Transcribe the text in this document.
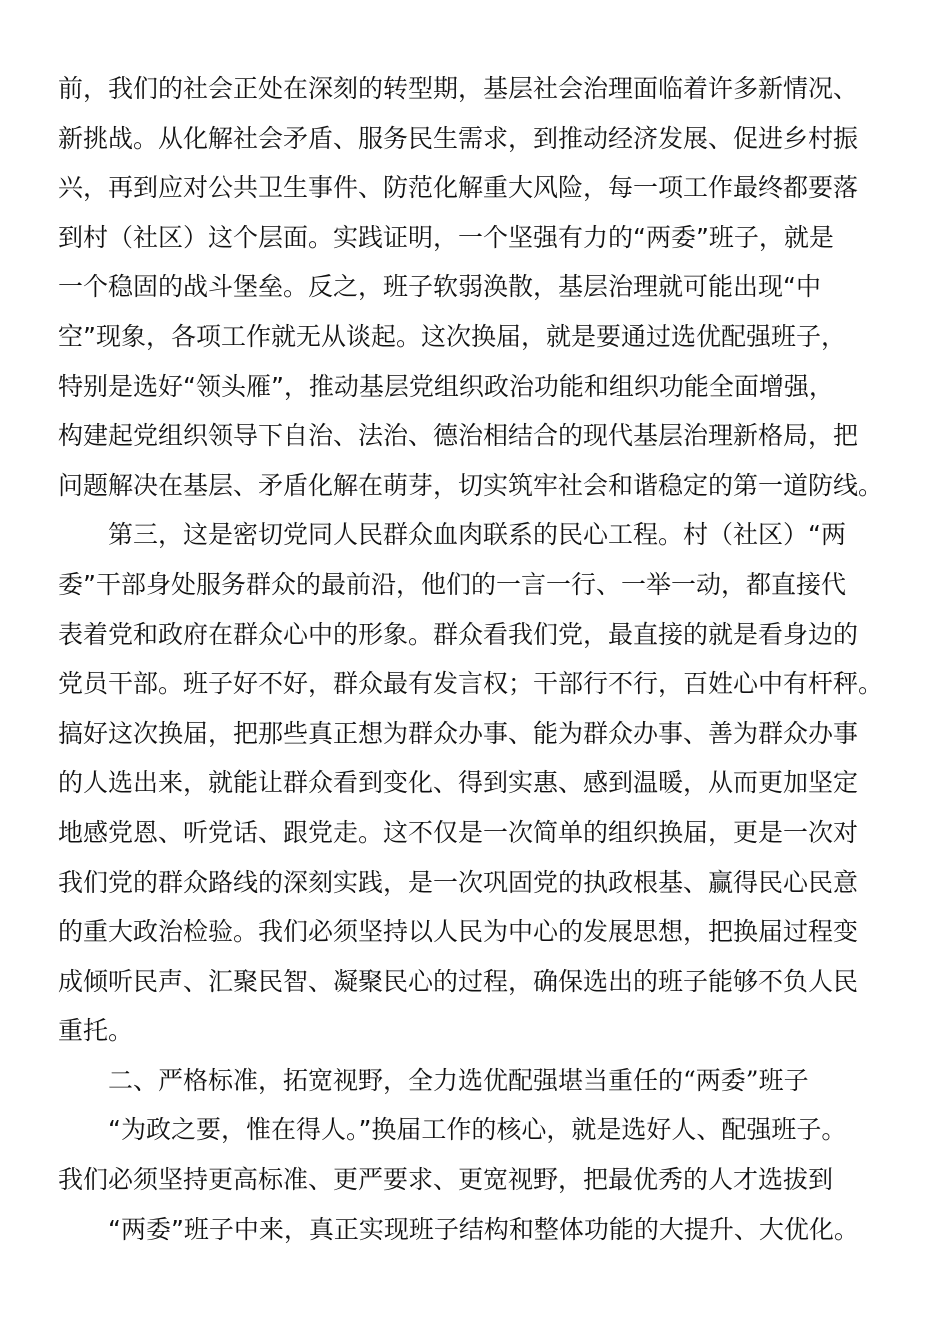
前，我们的社会正处在深刻的转型期，基层社会治理面临着许多新情况、
新挑战。从化解社会矛盾、服务民生需求，到推动经济发展、促进乡村振
兴，再到应对公共卫生事件、防范化解重大风险，每一项工作最终都要落
到村（社区）这个层面。实践证明，一个坚强有力的“两委”班子，就是
一个稳固的战斗堡垒。反之，班子软弱涣散，基层治理就可能出现“中
空”现象，各项工作就无从谈起。这次换届，就是要通过选优配强班子，
特别是选好“领头雁”，推动基层党组织政治功能和组织功能全面增强，
构建起党组织领导下自治、法治、德治相结合的现代基层治理新格局，把
问题解决在基层、矛盾化解在萌芽，切实筑牢社会和谐稳定的第一道防线。
第三，这是密切党同人民群众血肉联系的民心工程。村（社区）“两
委”干部身处服务群众的最前沿，他们的一言一行、一举一动，都直接代
表着党和政府在群众心中的形象。群众看我们党，最直接的就是看身边的
党员干部。班子好不好，群众最有发言权；干部行不行，百姓心中有杆秤。
搞好这次换届，把那些真正想为群众办事、能为群众办事、善为群众办事
的人选出来，就能让群众看到变化、得到实惠、感到温暖，从而更加坚定
地感党恩、听党话、跟党走。这不仅是一次简单的组织换届，更是一次对
我们党的群众路线的深刻实践，是一次巩固党的执政根基、赢得民心民意
的重大政治检验。我们必须坚持以人民为中心的发展思想，把换届过程变
成倾听民声、汇聚民智、凝聚民心的过程，确保选出的班子能够不负人民
重托。
二、严格标准，拓宽视野，全力选优配强堪当重任的“两委”班子
“为政之要，惟在得人。”换届工作的核心，就是选好人、配强班子。
我们必须坚持更高标准、更严要求、更宽视野，把最优秀的人才选拔到
“两委”班子中来，真正实现班子结构和整体功能的大提升、大优化。
